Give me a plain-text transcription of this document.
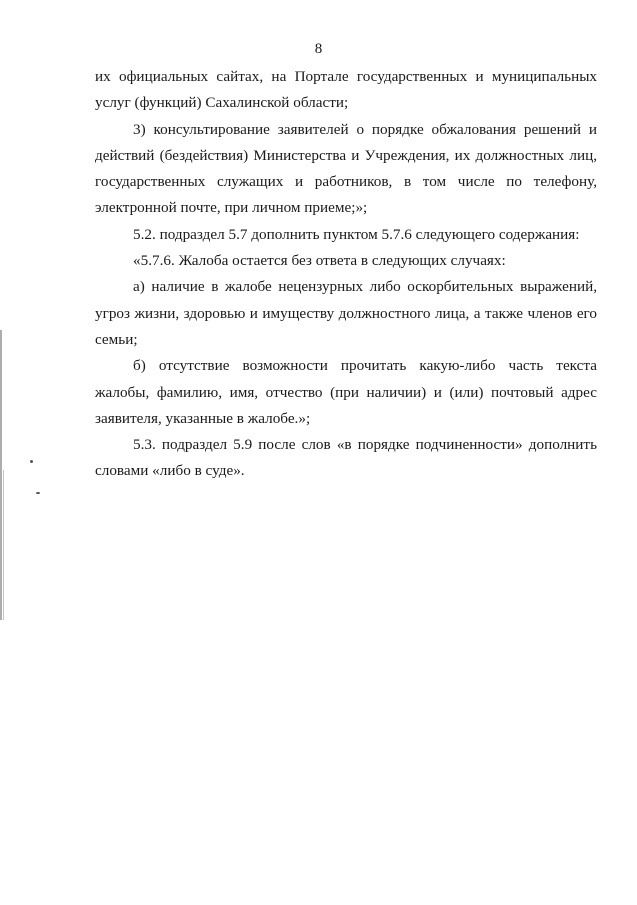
8

их официальных сайтах, на Портале государственных и муниципальных услуг (функций) Сахалинской области;

3) консультирование заявителей о порядке обжалования решений и действий (бездействия) Министерства и Учреждения, их должностных лиц, государственных служащих и работников, в том числе по телефону, электронной почте, при личном приеме;»;

5.2. подраздел 5.7 дополнить пунктом 5.7.6 следующего содержания:

«5.7.6. Жалоба остается без ответа в следующих случаях:

а) наличие в жалобе нецензурных либо оскорбительных выражений, угроз жизни, здоровью и имуществу должностного лица, а также членов его семьи;

б) отсутствие возможности прочитать какую-либо часть текста жалобы, фамилию, имя, отчество (при наличии) и (или) почтовый адрес заявителя, указанные в жалобе.»;

5.3. подраздел 5.9 после слов «в порядке подчиненности» дополнить словами «либо в суде».
